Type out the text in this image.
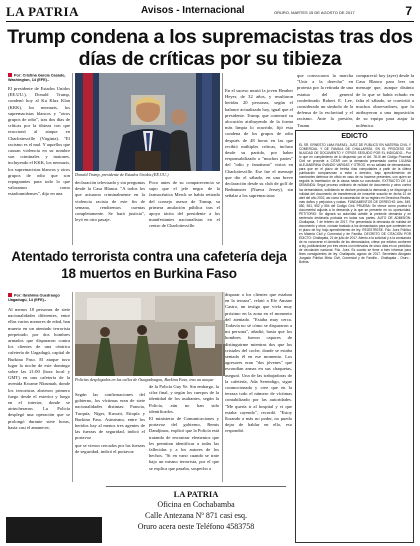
LA PATRIA	Avisos - Internacional	ORURO, MARTES 15 DE AGOSTO DE 2017	7
Trump condena a los supremacistas tras dos días de críticas por su tibieza
Por: Cristina García Casado,
Washington, 14 (EFE).-

El presidente de Estados Unidos (EE.UU.), Donald Trump, condenó hoy al Ku Klux Klan (KKK), los neonazis, los supremacistas blancos y "otros grupos de odio", tras dos días de críticas por la tibieza con que reaccionó al ataque en Charlottesville (Virginia). "El racismo es el mal. Y aquellos que causan violencia en su nombre son criminales y matones, incluyendo el KKK, los neonazis, los supremacistas blancos y otros grupos de odio que son repugnantes para todo lo que valoramos como estadounidenses", dijo en una

Donald Trump, presidente de Estados Unidos (EE.UU.)

declaración televisada y sin preguntas desde la Casa Blanca. "A todos los que actuaron criminalmente en la violencia racista de este fin de semana, rendiremos cuentas completamente. Se hará justicia", leyó en otro pasaje.

Poco antes de su comparecencia se supo que el jefe negro de la farmacéutica Merck se había retirado del consejo asesor de Trump, su primera anulación pública tras el apoyo tácito del presidente a los manifestantes nacionalistas en el centro de Charlottesville.

En el suceso murió la joven Heather Heyer, de 32 años, y resultaron heridas 20 personas, según el balance actualizado hoy, igual que el presidente. Trump, que comenzó su alocución atribuyendo de la forma más limpia lo ocurrido, fijó esta condena de los grupos de odio después de 48 horas en las que recibió múltiples críticas, incluso desde su partido, por haber responsabilizado a "muchos partes" del "odio y fanatismo" vistos en Charlottesville. Ese fue el mensaje que dio el sábado, en una breve declaración desde su club de golf de Bedminster (Nueva Jersey), sin señalar a los supremacistas

que convocaron la marcha "Unir a la derecha" en protesta por la retirada de una estatua del general confederado Robert E. Lee, considerado un símbolo de la defensa de la esclavitud y el racismo. Ante la presión, Trump

compareció hoy (ayer) desde la Casa Blanca para leer un mensaje que, aunque distinto de lo que se había echado en falta el sábado, se convirtió a muchos observadores, que lo atribuyeron a una imposición de su equipo para atajar la polémica.

EDICTO
EL SR. ERNESTO LIMA RAFAEL, JUEZ DE PÚBLICO EN MATERIA CIVIL Y COMERCIAL Y DE FAMILIA DE CHALLAPATA, EN EL PROCESO DE NULIDAD DE DOCUMENTO Y OTROS SEGUIDO POR EL INDICADO... Por lo que en cumplimiento de lo dispuesto por el Art. 78-III del Código Procesal Civil se procede a CITAR con la demanda presentada contra LILIANA ALEJANDRINA OVANDO VARGAS Y OTROS, en su calidad de demandados, para que en el plazo de treinta días computables a partir de la última publicación comparezcan a estar a derecho, bajo apercibimiento de nombrarles defensor de oficio en caso de no hacerse presentes, con quien se seguirá la tramitación de la causa hasta su conclusión. EXTRACTO DE LA DEMANDA: Seguí proceso ordinario de nulidad de documento y otros contra los demandados, solicitando se declare probada la demanda y se disponga la nulidad del documento de transferencia de inmueble suscrito en fecha 12 de abril del año 2002, así como la cancelación de su registro en Derechos Reales, más daños y perjuicios y costas. FUNDAMENTOS DE DERECHO: Arts. 549, 550, 551, 552 y 554 del Código Civil. PRUEBA: Se ofrece como prueba la documental adjunta a la demanda y la que se presente en su oportunidad. PETITORIO: Se dignará su autoridad admitir la presente demanda y en sentencia declararla probada en todas sus partes. AUTO DE ADMISIÓN: Challapata, 7 de febrero de 2017. Por presentada la demanda de nulidad de documento y otros, córrase traslado a los demandados para que contesten en el plazo de ley, bajo apercibimiento de ley. REGÍSTRESE. Fdo. Juez Público en Materia Civil y Comercial y de Familia. DECRETO DE CITACIÓN POR EDICTO: Challapata, 21 de julio de 2017. Atento a la solicitud y a la constancia de no conocerse el domicilio de los demandados, cítese por edictos conforme a ley, publicándose por tres veces con intervalos de cinco días en un periódico de circulación nacional. Fdo. Juez. Es cuanto se tiene a bien informar para fines consiguientes de ley. Challapata, agosto de 2017. Secretario Abogado Juzgado Público Mixto Civil, Comercial y de Familia - Challapata - Oruro - Bolivia.
Atentado terrorista contra una cafetería deja 18 muertos en Burkina Faso
Por: Ibrahima Ouedraogo
Uagadugú, 14 (EFE).-

Al menos 18 personas de siete nacionalidades diferentes, entre ellas varios menores de edad, han muerto en un atentado terrorista perpetrado por dos hombres armados que dispararon contra los clientes de una céntrica cafetería de Uagadugú, capital de Burkina Faso. El ataque tuvo lugar la noche de este domingo sobre las 21:00 (hora local y GMT) en una cafetería de la avenida Kwame Nkrumah, donde los terroristas abrieron primero fuego desde el exterior y luego en el interior, donde se atrincheraron. La Policía desplegó una operación que se prolongó durante siete horas, hasta casi el amanecer,

Policías desplegados en las calles de Ouagadougou, Burkina Faso, tras un ataque

Según las confirmaciones del gobierno, los víctimas eran de siete nacionalidades distintas: Francia, Turquía, Níger, Kuwait, Etiopía y Burkina Faso. Asimismo, entre los heridos hay al menos tres agentes de las fuerzas de seguridad, indicó el portavoz

que se vieron cercados por las fuerzas de seguridad, indicó el portavoz

de la Policía Guy Ye. Sin embargo, la cifra final, y según los cuerpos de la identidad de los asaltantes, según la Policía, aún no han sido identificados.

El ministerio de Comunicaciones y portavoz del gobierno, Remis Dandjinou, explicó que la Policía está tratando de encontrar elementos que les permitan identificar a todas las fallecidas y a los autores de los hechos. "Si en vano cuando se trate bajo un mismo terrorista, por el que se explica que pasaba, sospecho a

disparar a los clientes que estaban en la terraza", relató a Efe Amane Castro, un testigo que vivía muy próximo en la zona en el momento del atentado. "Estaba muy cerca. Todavía no sé cómo se dispararon a mi persona", añadió, hasta que los hombres fueron capaces de distinguirme mientras dos que los cristales del coche, donde se estaba sentado él en ese momento. Los agresores eran "dos jóvenes" que escondían armas en sus chaquetas, aseguró. Una de las trabajadoras de la cafetería, Ada Serendigo, sigue conmocionada y cree que en la terraza todo el número de víctimas contabilizado por las autoridades. "Me quería ir al hospital y vi que estaba cayendo", recordó. "Estoy llorando a más no poder, no puedo dejar de hablar en ello, eso respondió.

LA PATRIA
Oficina en Cochabamba
Calle Antezana Nº 871 casi esq.
Oruro acera oeste Teléfono 4583758
